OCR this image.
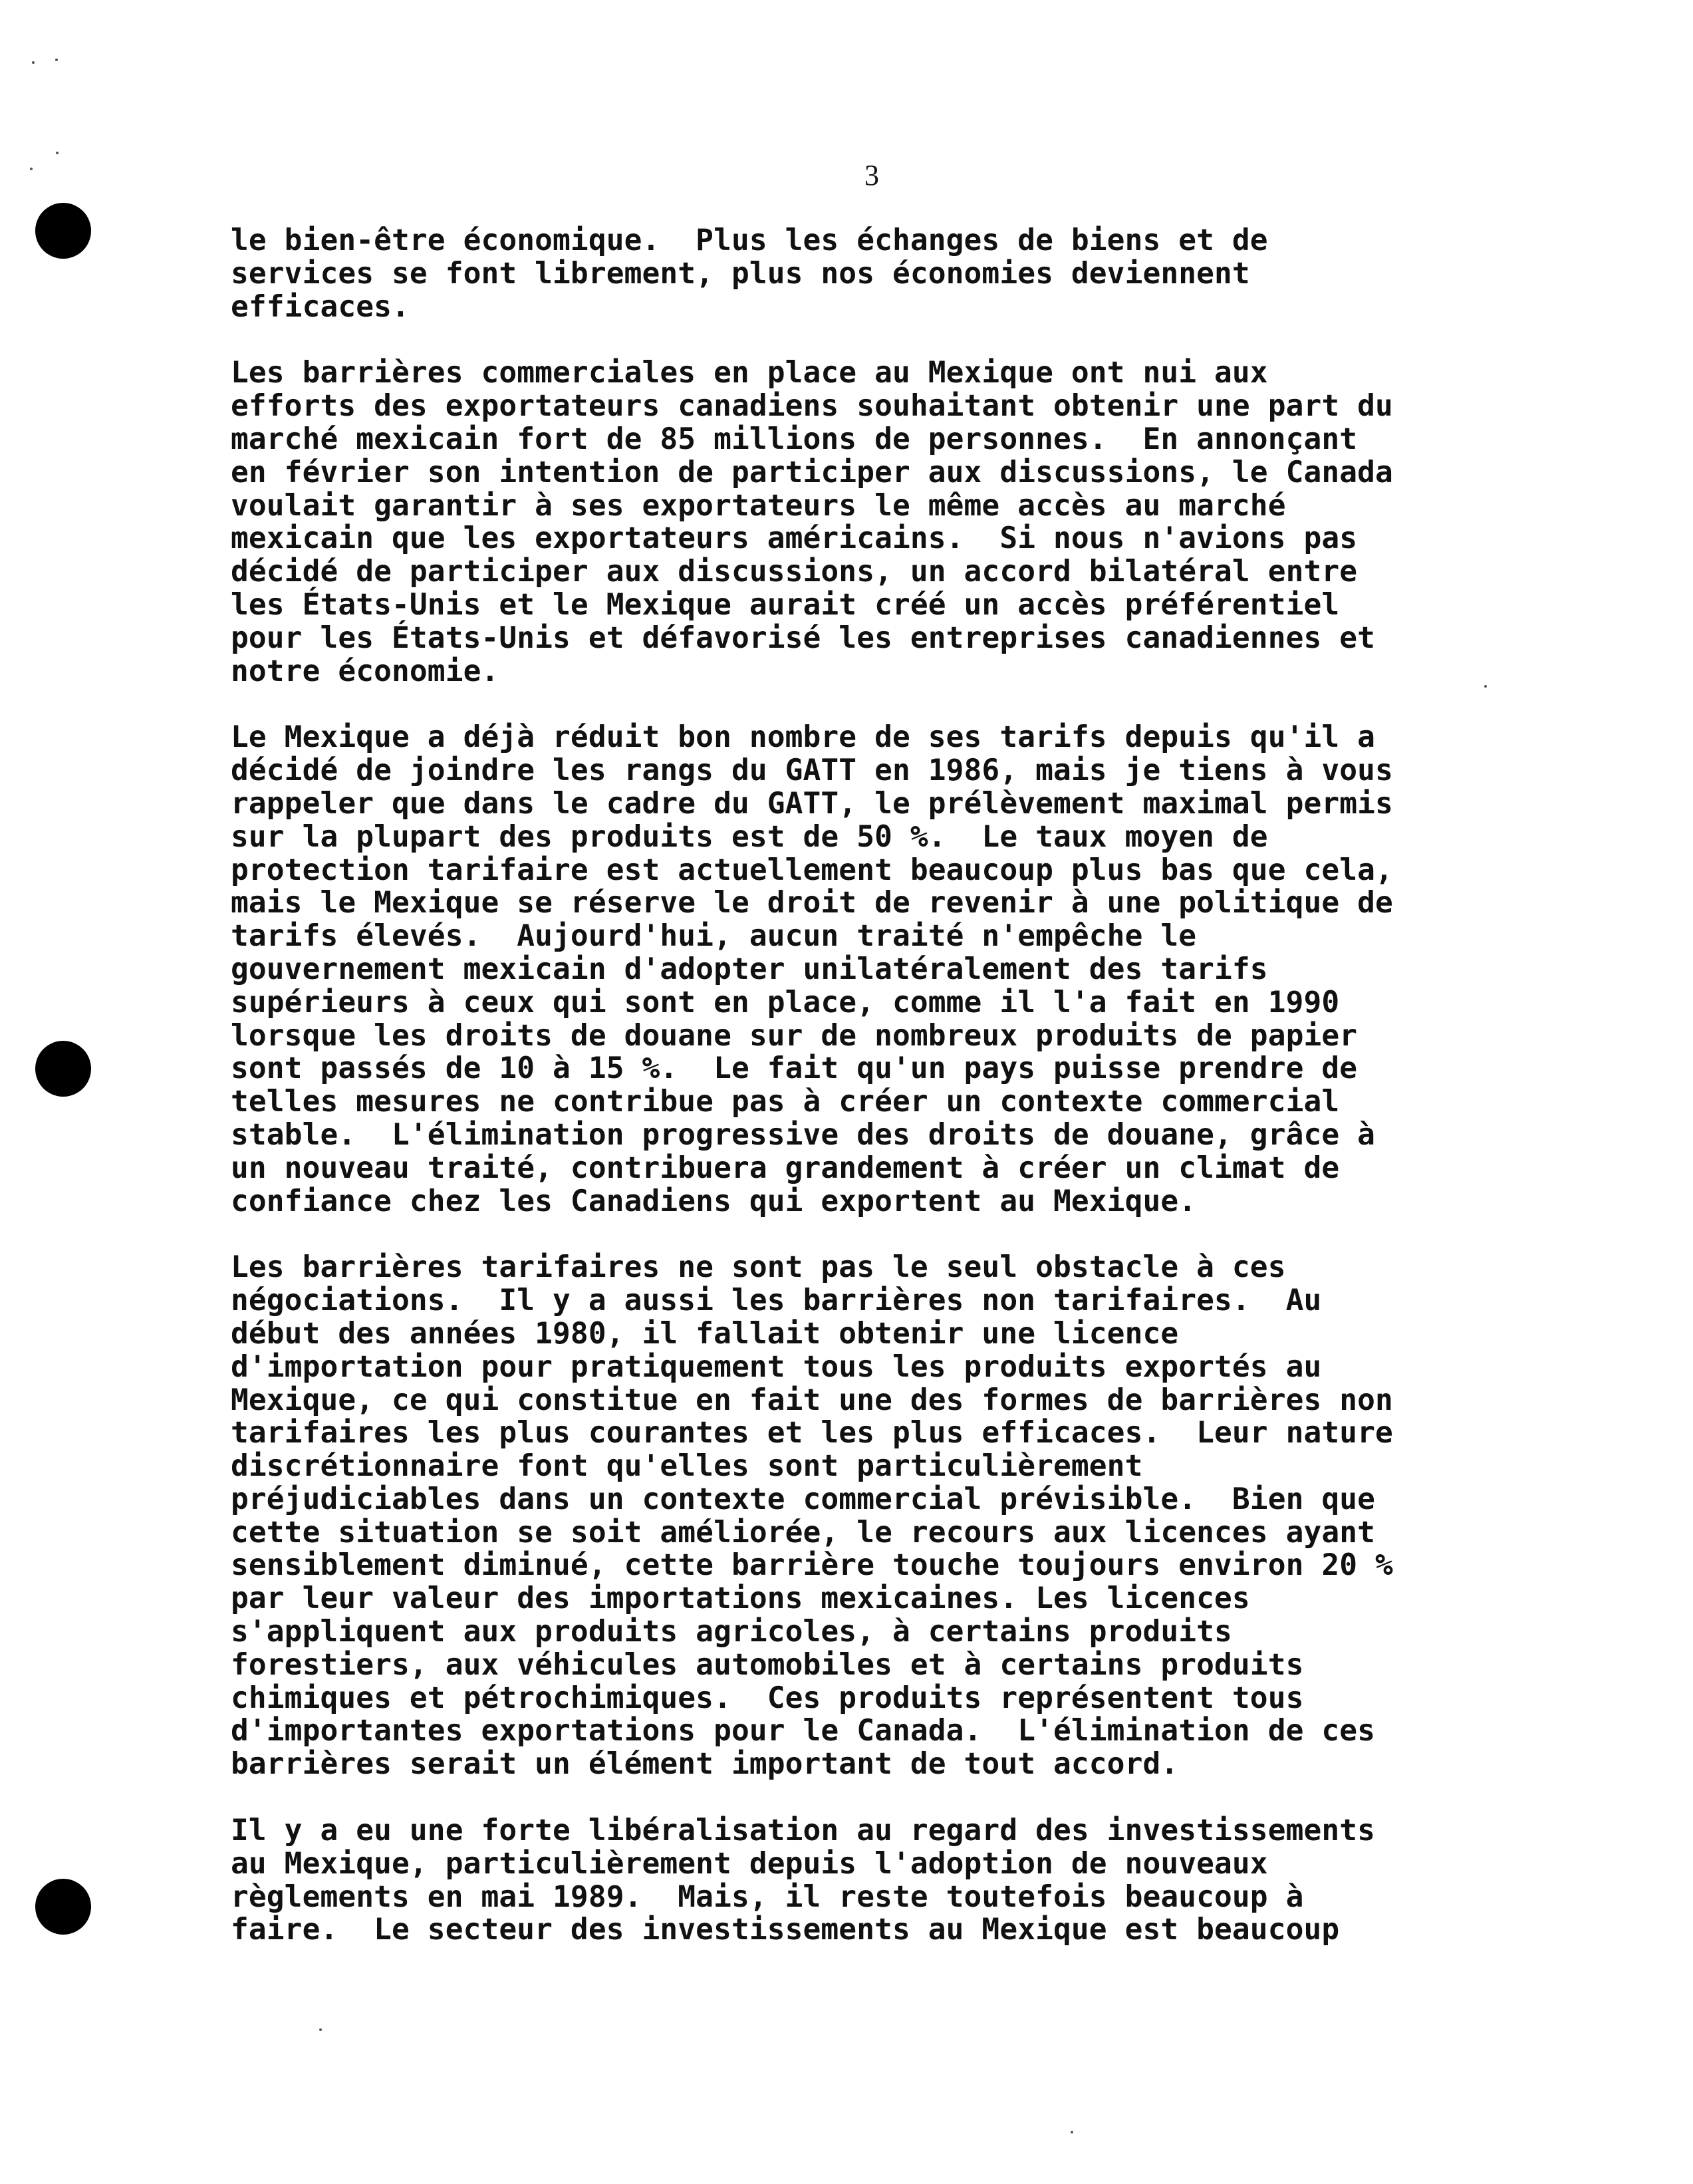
3
le bien-être économique.  Plus les échanges de biens et de
services se font librement, plus nos économies deviennent
efficaces.
Les barrières commerciales en place au Mexique ont nui aux
efforts des exportateurs canadiens souhaitant obtenir une part du
marché mexicain fort de 85 millions de personnes.  En annonçant
en février son intention de participer aux discussions, le Canada
voulait garantir à ses exportateurs le même accès au marché
mexicain que les exportateurs américains.  Si nous n'avions pas
décidé de participer aux discussions, un accord bilatéral entre
les États-Unis et le Mexique aurait créé un accès préférentiel
pour les États-Unis et défavorisé les entreprises canadiennes et
notre économie.
Le Mexique a déjà réduit bon nombre de ses tarifs depuis qu'il a
décidé de joindre les rangs du GATT en 1986, mais je tiens à vous
rappeler que dans le cadre du GATT, le prélèvement maximal permis
sur la plupart des produits est de 50 %.  Le taux moyen de
protection tarifaire est actuellement beaucoup plus bas que cela,
mais le Mexique se réserve le droit de revenir à une politique de
tarifs élevés.  Aujourd'hui, aucun traité n'empêche le
gouvernement mexicain d'adopter unilatéralement des tarifs
supérieurs à ceux qui sont en place, comme il l'a fait en 1990
lorsque les droits de douane sur de nombreux produits de papier
sont passés de 10 à 15 %.  Le fait qu'un pays puisse prendre de
telles mesures ne contribue pas à créer un contexte commercial
stable.  L'élimination progressive des droits de douane, grâce à
un nouveau traité, contribuera grandement à créer un climat de
confiance chez les Canadiens qui exportent au Mexique.
Les barrières tarifaires ne sont pas le seul obstacle à ces
négociations.  Il y a aussi les barrières non tarifaires.  Au
début des années 1980, il fallait obtenir une licence
d'importation pour pratiquement tous les produits exportés au
Mexique, ce qui constitue en fait une des formes de barrières non
tarifaires les plus courantes et les plus efficaces.  Leur nature
discrétionnaire font qu'elles sont particulièrement
préjudiciables dans un contexte commercial prévisible.  Bien que
cette situation se soit améliorée, le recours aux licences ayant
sensiblement diminué, cette barrière touche toujours environ 20 %
par leur valeur des importations mexicaines. Les licences
s'appliquent aux produits agricoles, à certains produits
forestiers, aux véhicules automobiles et à certains produits
chimiques et pétrochimiques.  Ces produits représentent tous
d'importantes exportations pour le Canada.  L'élimination de ces
barrières serait un élément important de tout accord.
Il y a eu une forte libéralisation au regard des investissements
au Mexique, particulièrement depuis l'adoption de nouveaux
règlements en mai 1989.  Mais, il reste toutefois beaucoup à
faire.  Le secteur des investissements au Mexique est beaucoup
